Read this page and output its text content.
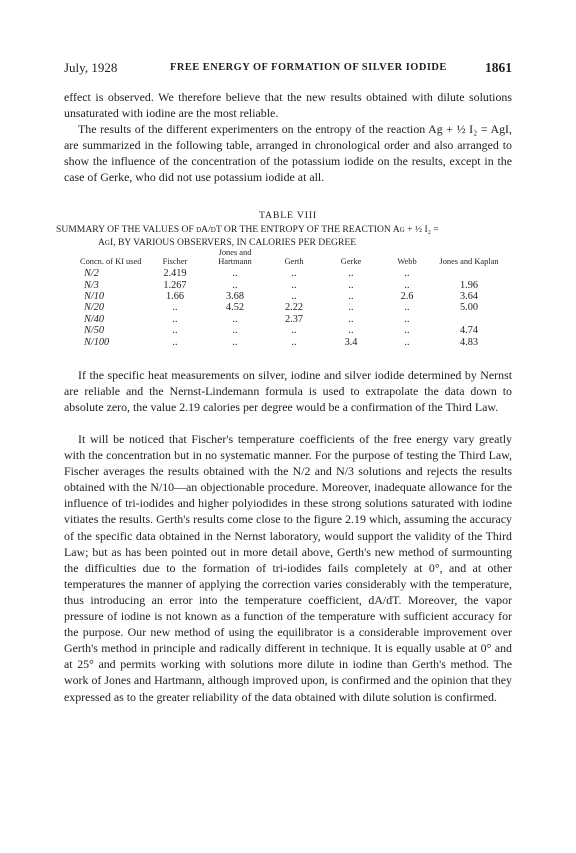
July, 1928	FREE ENERGY OF FORMATION OF SILVER IODIDE	1861
effect is observed. We therefore believe that the new results obtained with dilute solutions unsaturated with iodine are the most reliable.
The results of the different experimenters on the entropy of the reaction Ag + ½ I₂ = AgI, are summarized in the following table, arranged in chronological order and also arranged to show the influence of the concentration of the potassium iodide on the results, except in the case of Gerke, who did not use potassium iodide at all.
TABLE VIII
SUMMARY OF THE VALUES OF dA/dT OR THE ENTROPY OF THE REACTION Ag + ½ I₂ =
AgI, BY VARIOUS OBSERVERS, IN CALORIES PER DEGREE
Concn. of KI used	Fischer	Jones and Hartmann	Gerth	Gerke	Webb	Jones and Kaplan
N/2	2.419	..	..	..	..	
N/3	1.267	..	..	..	..	1.96
N/10	1.66	3.68	..	..	2.6	3.64
N/20	..	4.52	2.22	..	..	5.00
N/40	..	..	2.37	..	..	
N/50	..	..	..	..	..	4.74
N/100	..	..	..	3.4	..	4.83
If the specific heat measurements on silver, iodine and silver iodide determined by Nernst are reliable and the Nernst-Lindemann formula is used to extrapolate the data down to absolute zero, the value 2.19 calories per degree would be a confirmation of the Third Law.
It will be noticed that Fischer's temperature coefficients of the free energy vary greatly with the concentration but in no systematic manner. For the purpose of testing the Third Law, Fischer averages the results obtained with the N/2 and N/3 solutions and rejects the results obtained with the N/10—an objectionable procedure. Moreover, inadequate allowance for the influence of tri-iodides and higher polyiodides in these strong solutions saturated with iodine vitiates the results. Gerth's results come close to the figure 2.19 which, assuming the accuracy of the specific data obtained in the Nernst laboratory, would support the validity of the Third Law; but as has been pointed out in more detail above, Gerth's new method of surmounting the difficulties due to the formation of tri-iodides fails completely at 0°, and at other temperatures the manner of applying the correction varies considerably with the temperature, thus introducing an error into the temperature coefficient, dA/dT. Moreover, the vapor pressure of iodine is not known as a function of the temperature with sufficient accuracy for the purpose. Our new method of using the equilibrator is a considerable improvement over Gerth's method in principle and radically different in technique. It is equally usable at 0° and at 25° and permits working with solutions more dilute in iodine than Gerth's method. The work of Jones and Hartmann, although improved upon, is confirmed and the opinion that they expressed as to the greater reliability of the data obtained with dilute solution is confirmed.
